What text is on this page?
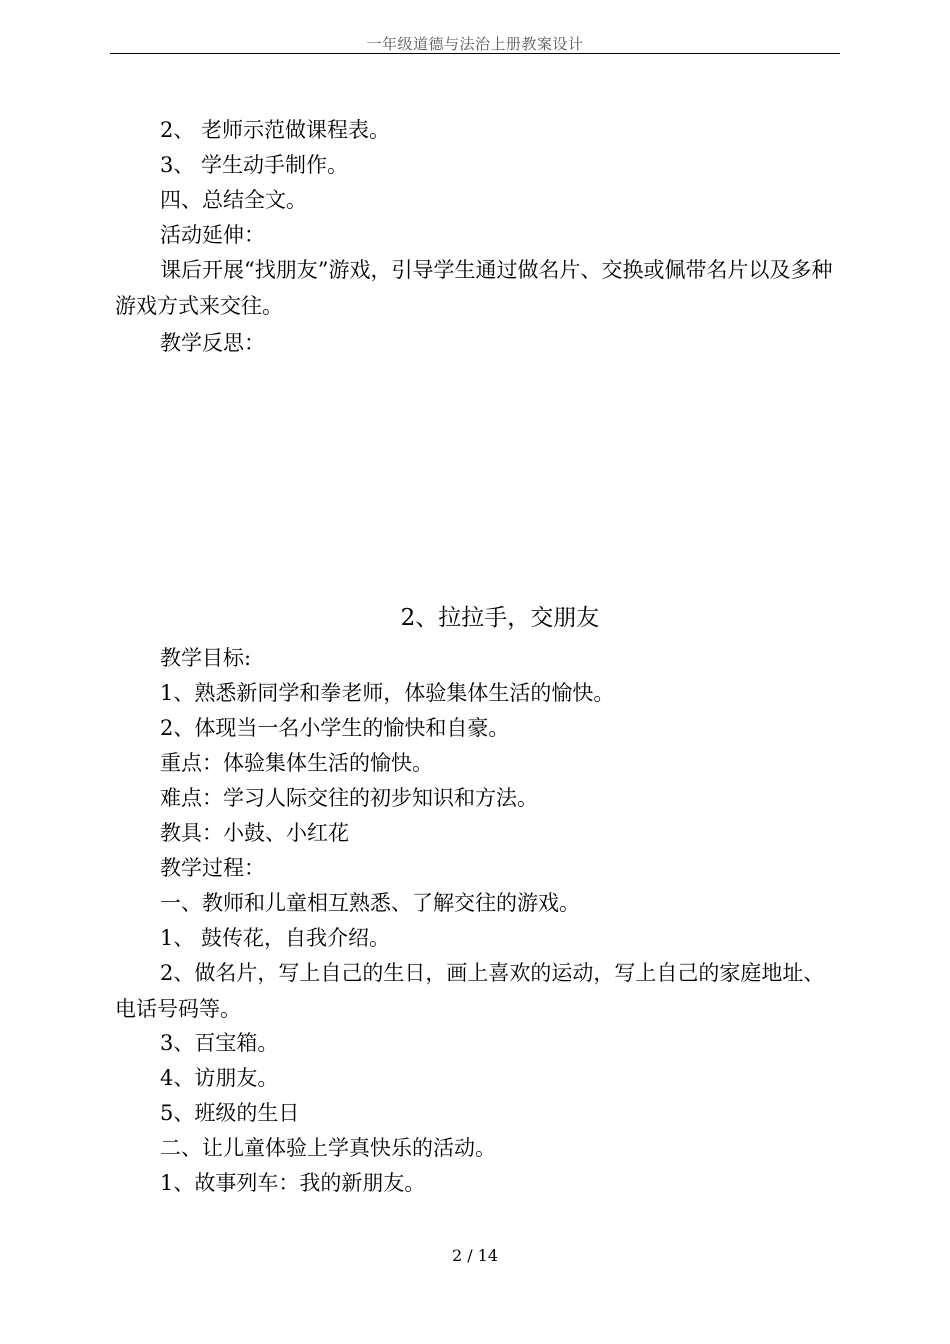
一年级道德与法治上册教案设计
2、 老师示范做课程表。
3、 学生动手制作。
四、总结全文。
活动延伸：
课后开展“找朋友”游戏，引导学生通过做名片、交换或佩带名片以及多种游戏方式来交往。
教学反思：
2、拉拉手，交朋友
教学目标:
1、熟悉新同学和拳老师，体验集体生活的愉快。
2、体现当一名小学生的愉快和自豪。
重点：体验集体生活的愉快。
难点：学习人际交往的初步知识和方法。
教具：小鼓、小红花
教学过程：
一、教师和儿童相互熟悉、了解交往的游戏。
1、 鼓传花，自我介绍。
2、做名片，写上自己的生日，画上喜欢的运动，写上自己的家庭地址、电话号码等。
3、百宝箱。
4、访朋友。
5、班级的生日
二、让儿童体验上学真快乐的活动。
1、故事列车：我的新朋友。
2 / 14
